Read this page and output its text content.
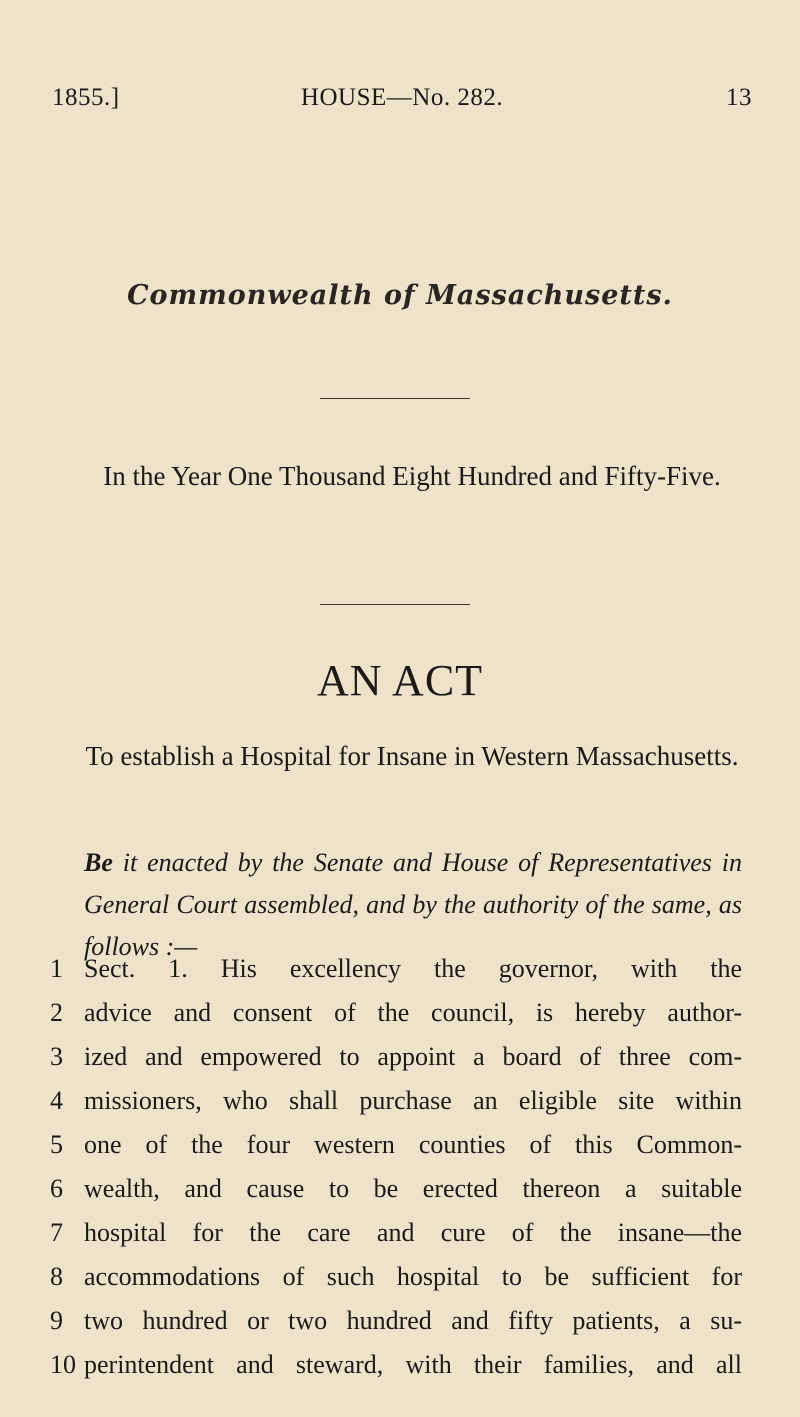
1855.]	HOUSE—No. 282.	13
Commonwealth of Massachusetts.
In the Year One Thousand Eight Hundred and Fifty-Five.
AN ACT
To establish a Hospital for Insane in Western Massachusetts.
Be it enacted by the Senate and House of Representatives in General Court assembled, and by the authority of the same, as follows :—
1 Sect. 1. His excellency the governor, with the
2 advice and consent of the council, is hereby author-
3 ized and empowered to appoint a board of three com-
4 missioners, who shall purchase an eligible site within
5 one of the four western counties of this Common-
6 wealth, and cause to be erected thereon a suitable
7 hospital for the care and cure of the insane—the
8 accommodations of such hospital to be sufficient for
9 two hundred or two hundred and fifty patients, a su-
10 perintendent and steward, with their families, and all
